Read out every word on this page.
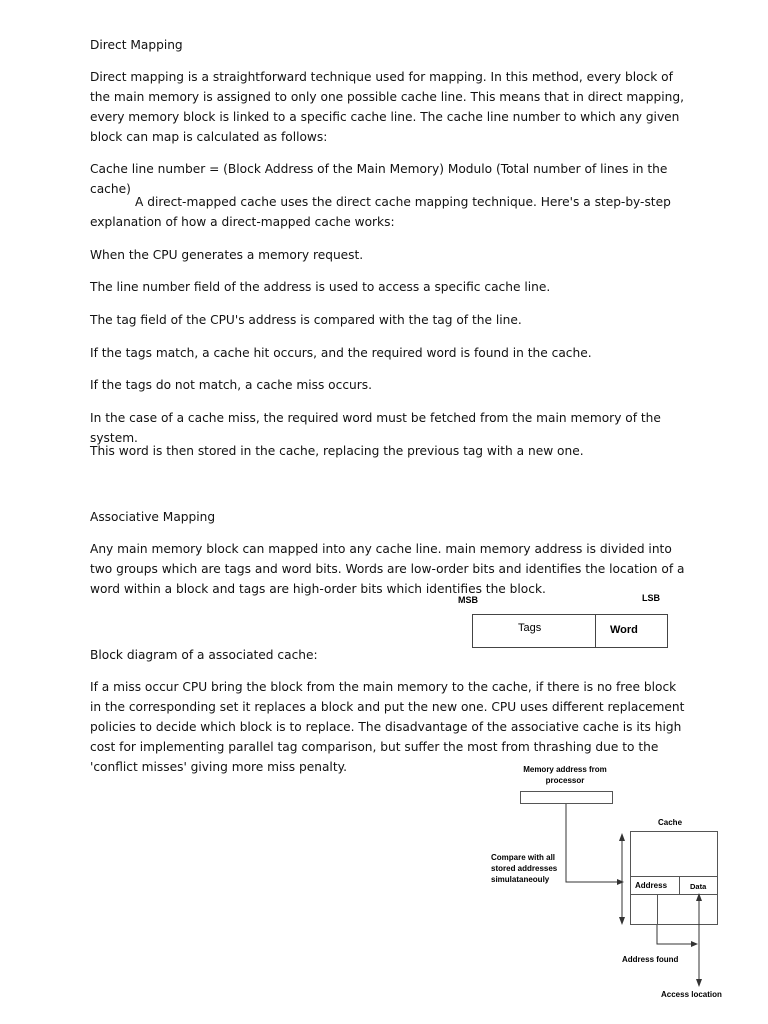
Direct Mapping

Direct mapping is a straightforward technique used for mapping. In this method, every block of the main memory is assigned to only one possible cache line. This means that in direct mapping, every memory block is linked to a specific cache line. The cache line number to which any given block can map is calculated as follows:

Cache line number = (Block Address of the Main Memory) Modulo (Total number of lines in the cache)

A direct-mapped cache uses the direct cache mapping technique. Here's a step-by-step explanation of how a direct-mapped cache works:

When the CPU generates a memory request.

The line number field of the address is used to access a specific cache line.

The tag field of the CPU's address is compared with the tag of the line.

If the tags match, a cache hit occurs, and the required word is found in the cache.

If the tags do not match, a cache miss occurs.

In the case of a cache miss, the required word must be fetched from the main memory of the system.

This word is then stored in the cache, replacing the previous tag with a new one.

Associative Mapping

Any main memory block can mapped into any cache line. main memory address is divided into two groups which are tags and word bits. Words are low-order bits and identifies the location of a word within a block and tags are high-order bits which identifies the block.

MSB	LSB
Tags	Word

Block diagram of a associated cache:

If a miss occur CPU bring the block from the main memory to the cache, if there is no free block in the corresponding set it replaces a block and put the new one. CPU uses different replacement policies to decide which block is to replace. The disadvantage of the associative cache is its high cost for implementing parallel tag comparison, but suffer the most from thrashing due to the 'conflict misses' giving more miss penalty.	Memory address from processor
Cache
Address	Data
Compare with all stored addresses simulataneouly
Address found
Access location
